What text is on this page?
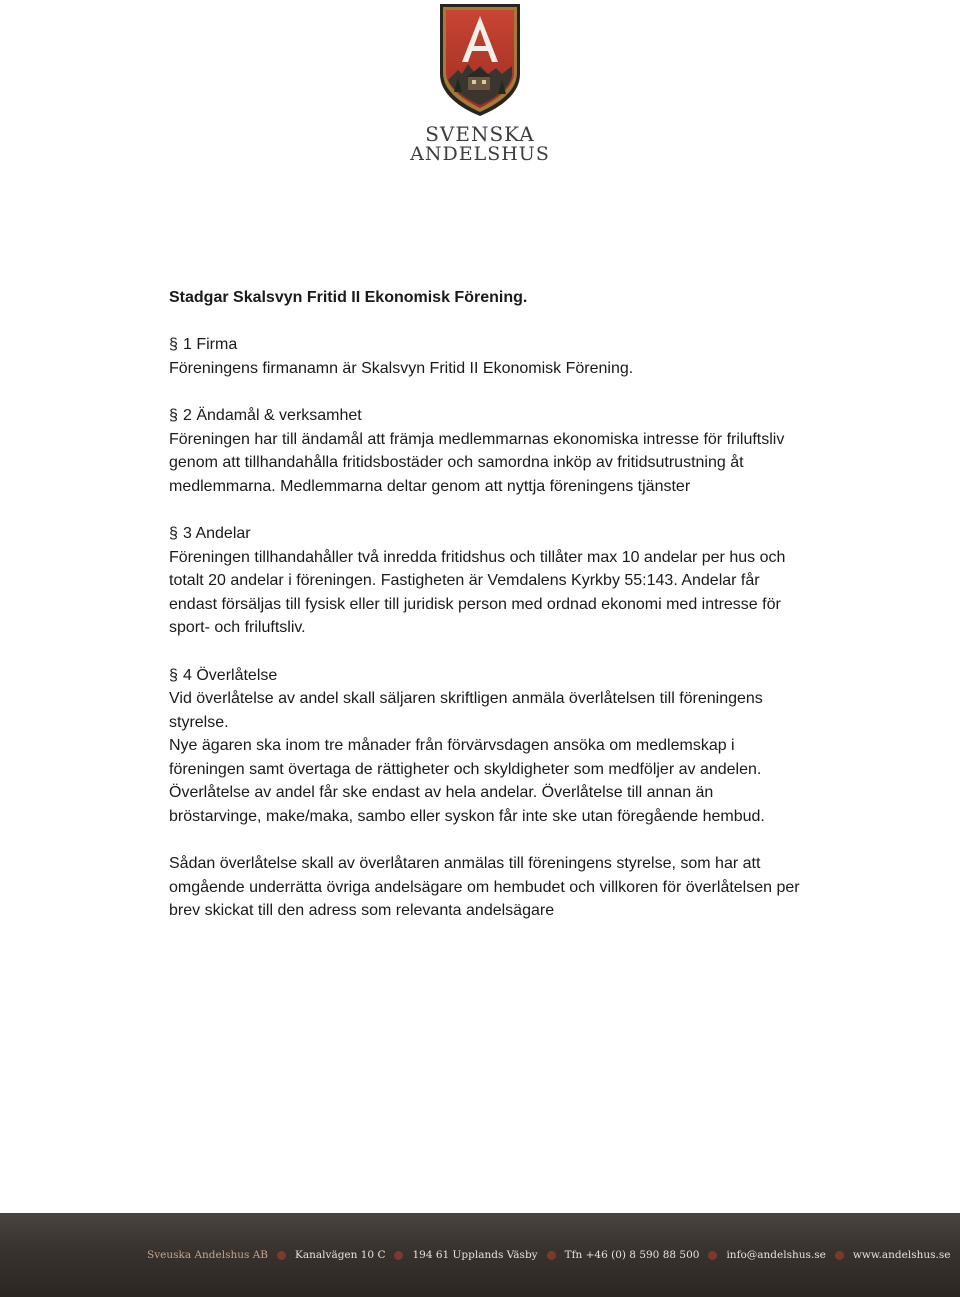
SVENSKA
ANDELSHUS
Stadgar Skalsvyn Fritid II Ekonomisk Förening.
§ 1 Firma

Föreningens firmanamn är Skalsvyn Fritid II Ekonomisk Förening.

§ 2 Ändamål & verksamhet

Föreningen har till ändamål att främja medlemmarnas ekonomiska intresse för friluftsliv genom att tillhandahålla fritidsbostäder och samordna inköp av fritidsutrustning åt medlemmarna. Medlemmarna deltar genom att nyttja föreningens tjänster

§ 3 Andelar

Föreningen tillhandahåller två inredda fritidshus och tillåter max 10 andelar per hus och totalt 20 andelar i föreningen. Fastigheten är Vemdalens Kyrkby 55:143. Andelar får endast försäljas till fysisk eller till juridisk person med ordnad ekonomi med intresse för sport- och friluftsliv.

§ 4 Överlåtelse

Vid överlåtelse av andel skall säljaren skriftligen anmäla överlåtelsen till föreningens styrelse.

Nye ägaren ska inom tre månader från förvärvsdagen ansöka om medlemskap i föreningen samt övertaga de rättigheter och skyldigheter som medföljer av andelen. Överlåtelse av andel får ske endast av hela andelar. Överlåtelse till annan än bröstarvinge, make/maka, sambo eller syskon får inte ske utan föregående hembud.

Sådan överlåtelse skall av överlåtaren anmälas till föreningens styrelse, som har att omgående underrätta övriga andelsägare om hembudet och villkoren för överlåtelsen per brev skickat till den adress som relevanta andelsägare

Sveuska Andelshus AB	Kanalvägen 10 C	194 61 Upplands Väsby	Tfn +46 (0) 8 590 88 500	info@andelshus.se	www.andelshus.se
